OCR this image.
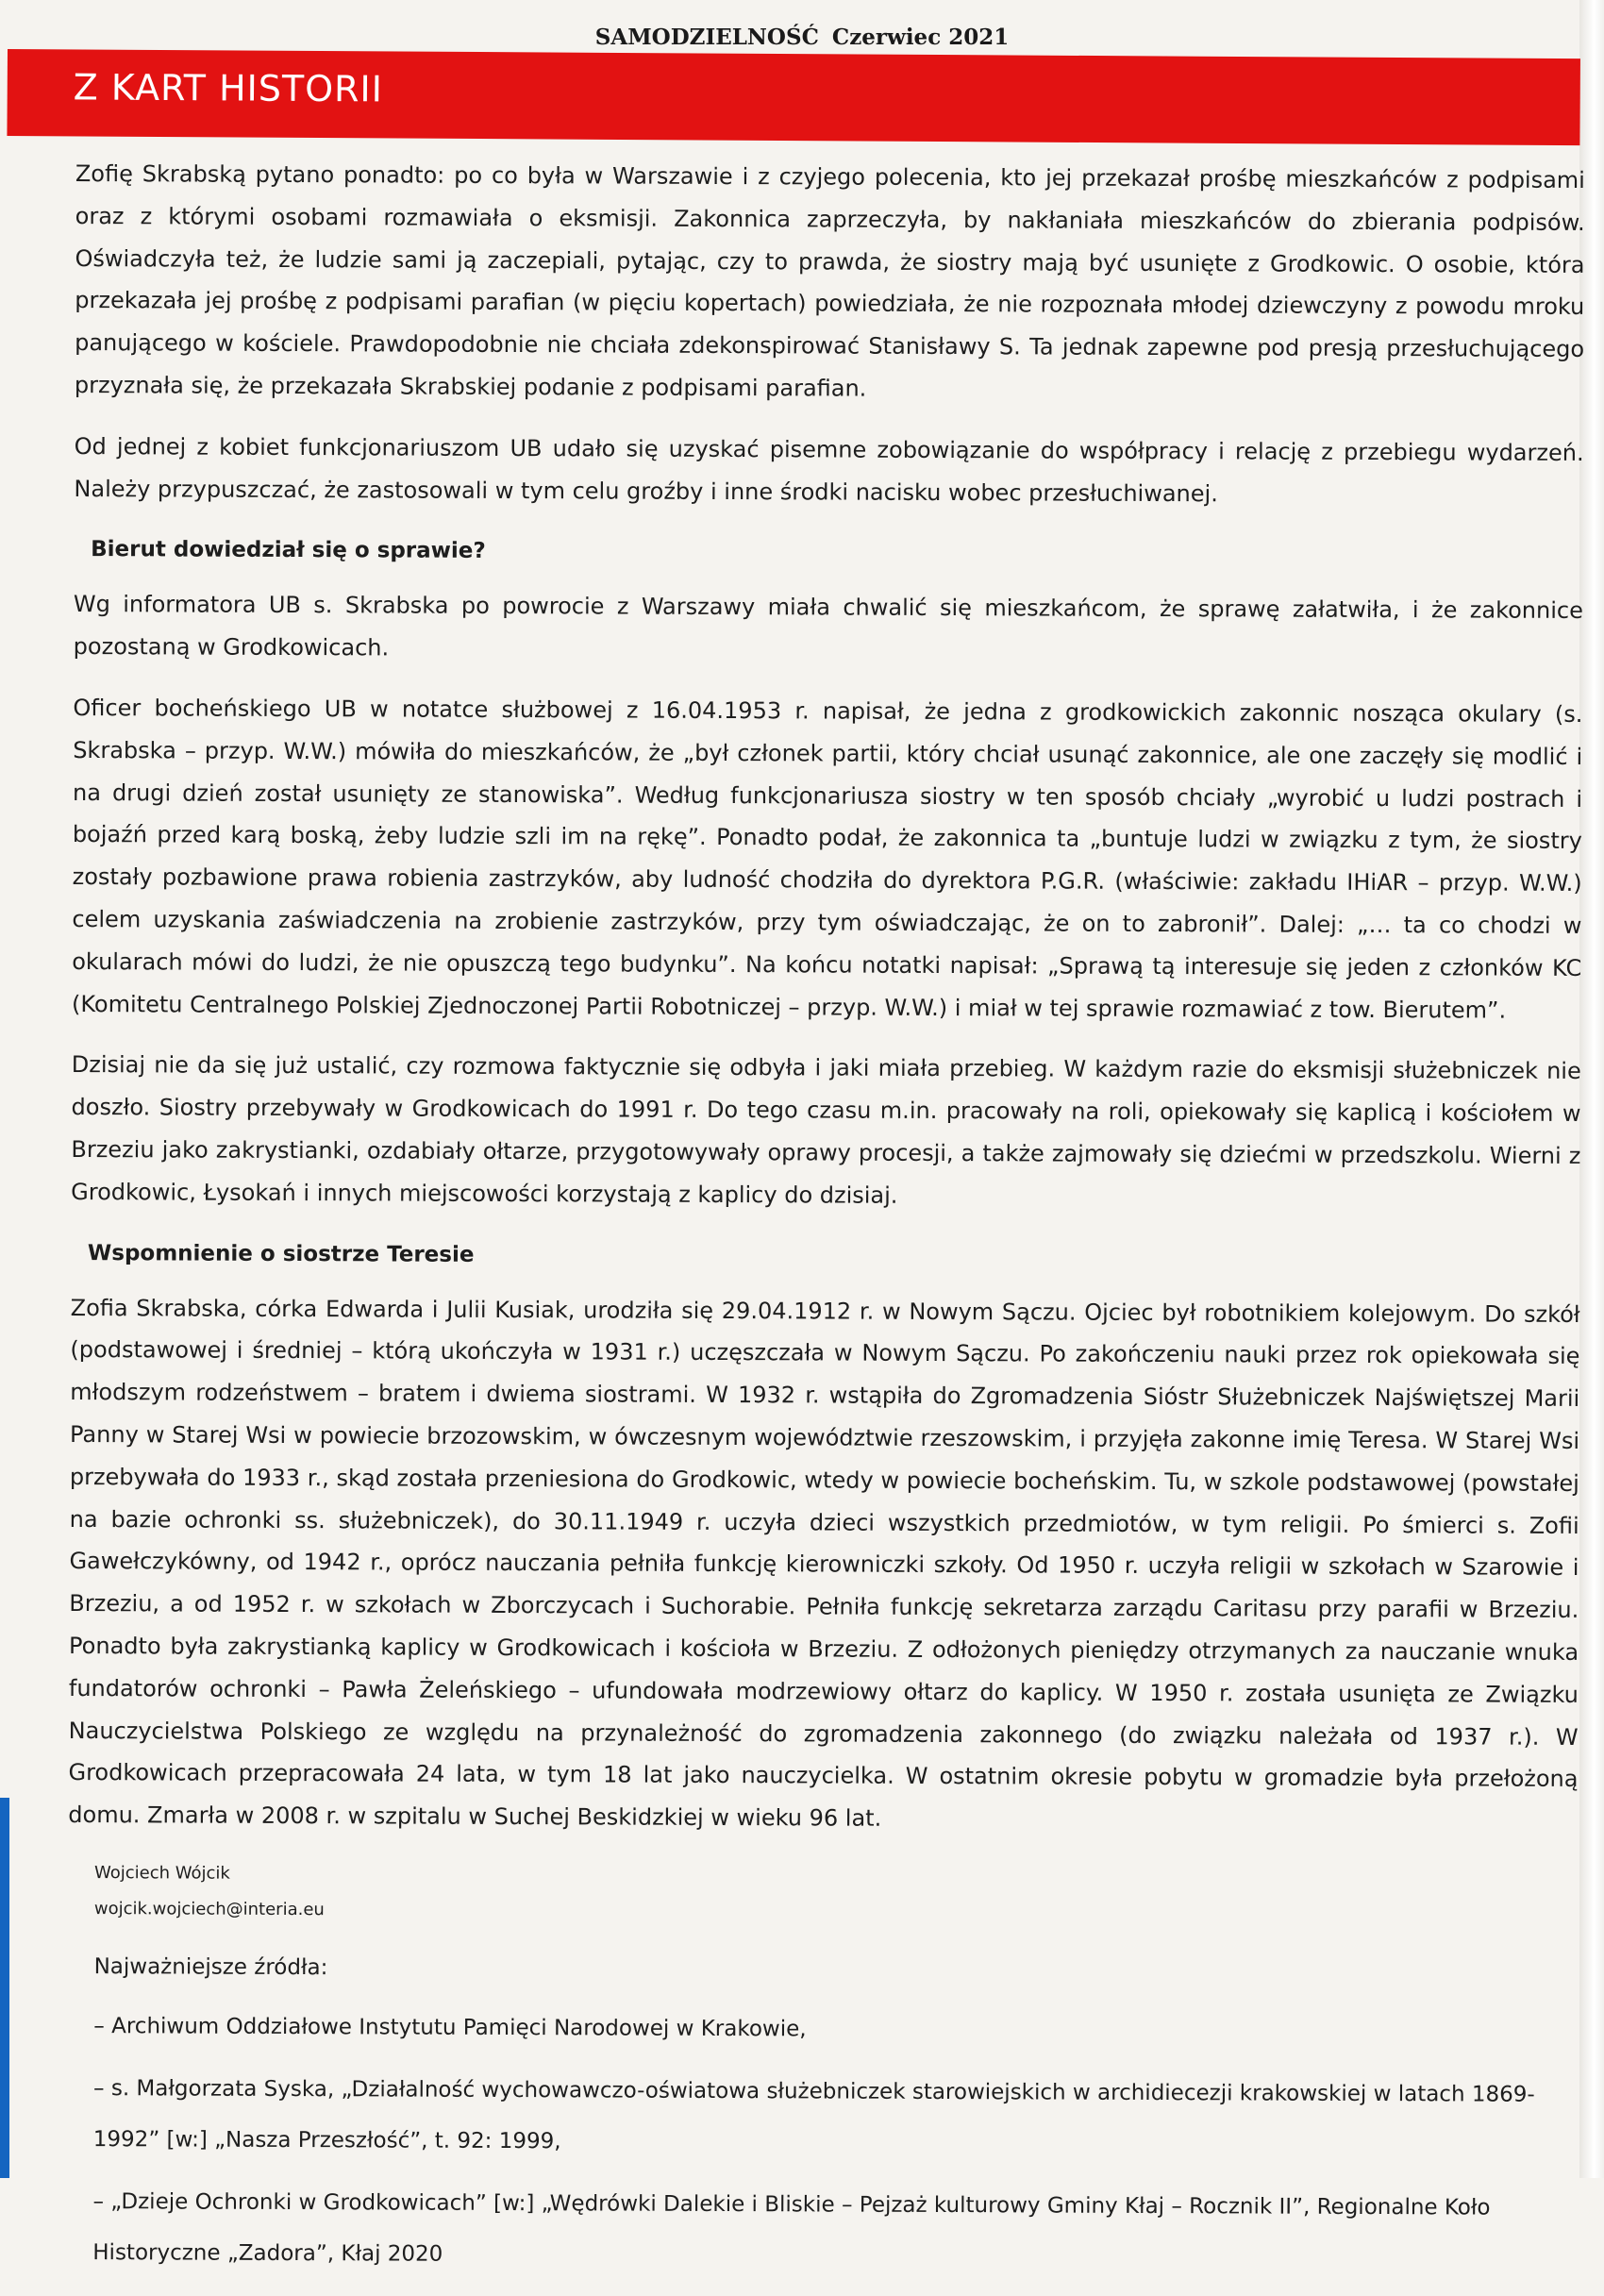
SAMODZIELNOŚĆ Czerwiec 2021
Z KART HISTORII

Zofię Skrabską pytano ponadto: po co była w Warszawie i z czyjego polecenia, kto jej przekazał prośbę mieszkańców z podpisami oraz z którymi osobami rozmawiała o eksmisji. Zakonnica zaprzeczyła, by nakłaniała mieszkańców do zbierania podpisów. Oświadczyła też, że ludzie sami ją zaczepiali, pytając, czy to prawda, że siostry mają być usunięte z Grodkowic. O osobie, która przekazała jej prośbę z podpisami parafian (w pięciu kopertach) powiedziała, że nie rozpoznała młodej dziewczyny z powodu mroku panującego w kościele. Prawdopodobnie nie chciała zdekonspirować Stanisławy S. Ta jednak zapewne pod presją przesłuchującego przyznała się, że przekazała Skrabskiej podanie z podpisami parafian.

Od jednej z kobiet funkcjonariuszom UB udało się uzyskać pisemne zobowiązanie do współpracy i relację z przebiegu wydarzeń. Należy przypuszczać, że zastosowali w tym celu groźby i inne środki nacisku wobec przesłuchiwanej.

Bierut dowiedział się o sprawie?

Wg informatora UB s. Skrabska po powrocie z Warszawy miała chwalić się mieszkańcom, że sprawę załatwiła, i że zakonnice pozostaną w Grodkowicach.

Oficer bocheńskiego UB w notatce służbowej z 16.04.1953 r. napisał, że jedna z grodkowickich zakonnic nosząca okulary (s. Skrabska – przyp. W.W.) mówiła do mieszkańców, że „był członek partii, który chciał usunąć zakonnice, ale one zaczęły się modlić i na drugi dzień został usunięty ze stanowiska”. Według funkcjonariusza siostry w ten sposób chciały „wyrobić u ludzi postrach i bojaźń przed karą boską, żeby ludzie szli im na rękę”. Ponadto podał, że zakonnica ta „buntuje ludzi w związku z tym, że siostry zostały pozbawione prawa robienia zastrzyków, aby ludność chodziła do dyrektora P.G.R. (właściwie: zakładu IHiAR – przyp. W.W.) celem uzyskania zaświadczenia na zrobienie zastrzyków, przy tym oświadczając, że on to zabronił”. Dalej: „… ta co chodzi w okularach mówi do ludzi, że nie opuszczą tego budynku”. Na końcu notatki napisał: „Sprawą tą interesuje się jeden z członków KC (Komitetu Centralnego Polskiej Zjednoczonej Partii Robotniczej – przyp. W.W.) i miał w tej sprawie rozmawiać z tow. Bierutem”.

Dzisiaj nie da się już ustalić, czy rozmowa faktycznie się odbyła i jaki miała przebieg. W każdym razie do eksmisji służebniczek nie doszło. Siostry przebywały w Grodkowicach do 1991 r. Do tego czasu m.in. pracowały na roli, opiekowały się kaplicą i kościołem w Brzeziu jako zakrystianki, ozdabiały ołtarze, przygotowywały oprawy procesji, a także zajmowały się dziećmi w przedszkolu. Wierni z Grodkowic, Łysokań i innych miejscowości korzystają z kaplicy do dzisiaj.

Wspomnienie o siostrze Teresie

Zofia Skrabska, córka Edwarda i Julii Kusiak, urodziła się 29.04.1912 r. w Nowym Sączu. Ojciec był robotnikiem kolejowym. Do szkół (podstawowej i średniej – którą ukończyła w 1931 r.) uczęszczała w Nowym Sączu. Po zakończeniu nauki przez rok opiekowała się młodszym rodzeństwem – bratem i dwiema siostrami. W 1932 r. wstąpiła do Zgromadzenia Sióstr Służebniczek Najświętszej Marii Panny w Starej Wsi w powiecie brzozowskim, w ówczesnym województwie rzeszowskim, i przyjęła zakonne imię Teresa. W Starej Wsi przebywała do 1933 r., skąd została przeniesiona do Grodkowic, wtedy w powiecie bocheńskim. Tu, w szkole podstawowej (powstałej na bazie ochronki ss. służebniczek), do 30.11.1949 r. uczyła dzieci wszystkich przedmiotów, w tym religii. Po śmierci s. Zofii Gawełczykówny, od 1942 r., oprócz nauczania pełniła funkcję kierowniczki szkoły. Od 1950 r. uczyła religii w szkołach w Szarowie i Brzeziu, a od 1952 r. w szkołach w Zborczycach i Suchorabie. Pełniła funkcję sekretarza zarządu Caritasu przy parafii w Brzeziu. Ponadto była zakrystianką kaplicy w Grodkowicach i kościoła w Brzeziu. Z odłożonych pieniędzy otrzymanych za nauczanie wnuka fundatorów ochronki – Pawła Żeleńskiego – ufundowała modrzewiowy ołtarz do kaplicy. W 1950 r. została usunięta ze Związku Nauczycielstwa Polskiego ze względu na przynależność do zgromadzenia zakonnego (do związku należała od 1937 r.). W Grodkowicach przepracowała 24 lata, w tym 18 lat jako nauczycielka. W ostatnim okresie pobytu w gromadzie była przełożoną domu. Zmarła w 2008 r. w szpitalu w Suchej Beskidzkiej w wieku 96 lat.

Wojciech Wójcik
wojcik.wojciech@interia.eu
Najważniejsze źródła:
– Archiwum Oddziałowe Instytutu Pamięci Narodowej w Krakowie,
– s. Małgorzata Syska, „Działalność wychowawczo-oświatowa służebniczek starowiejskich w archidiecezji krakowskiej w latach 1869-1992” [w:] „Nasza Przeszłość”, t. 92: 1999,
– „Dzieje Ochronki w Grodkowicach” [w:] „Wędrówki Dalekie i Bliskie – Pejzaż kulturowy Gminy Kłaj – Rocznik II”, Regionalne Koło Historyczne „Zadora”, Kłaj 2020
